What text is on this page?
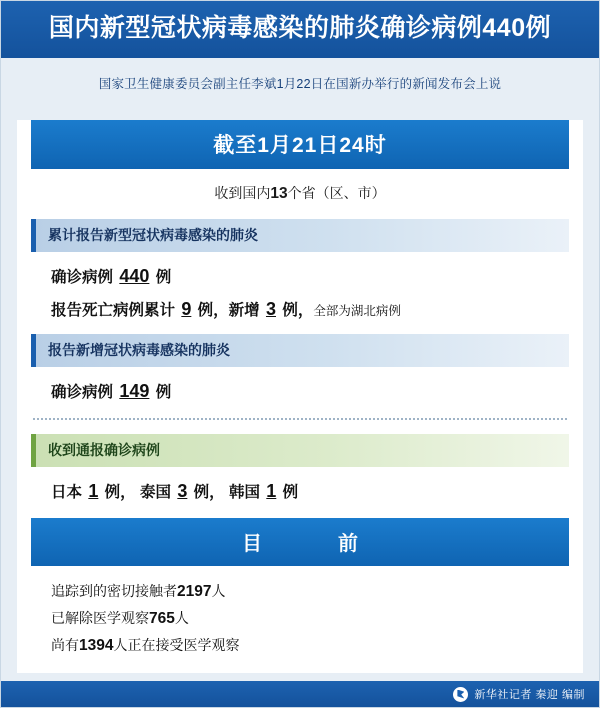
国内新型冠状病毒感染的肺炎确诊病例440例
国家卫生健康委员会副主任李斌1月22日在国新办举行的新闻发布会上说
截至1月21日24时
收到国内13个省（区、市）
累计报告新型冠状病毒感染的肺炎
确诊病例 440 例
报告死亡病例累计 9 例，新增 3 例，全部为湖北病例
报告新增冠状病毒感染的肺炎
确诊病例 149 例
收到通报确诊病例
日本 1 例， 泰国 3 例， 韩国 1 例
目　　前
追踪到的密切接触者2197人
已解除医学观察765人
尚有1394人正在接受医学观察
新华社记者 秦迎 编制
